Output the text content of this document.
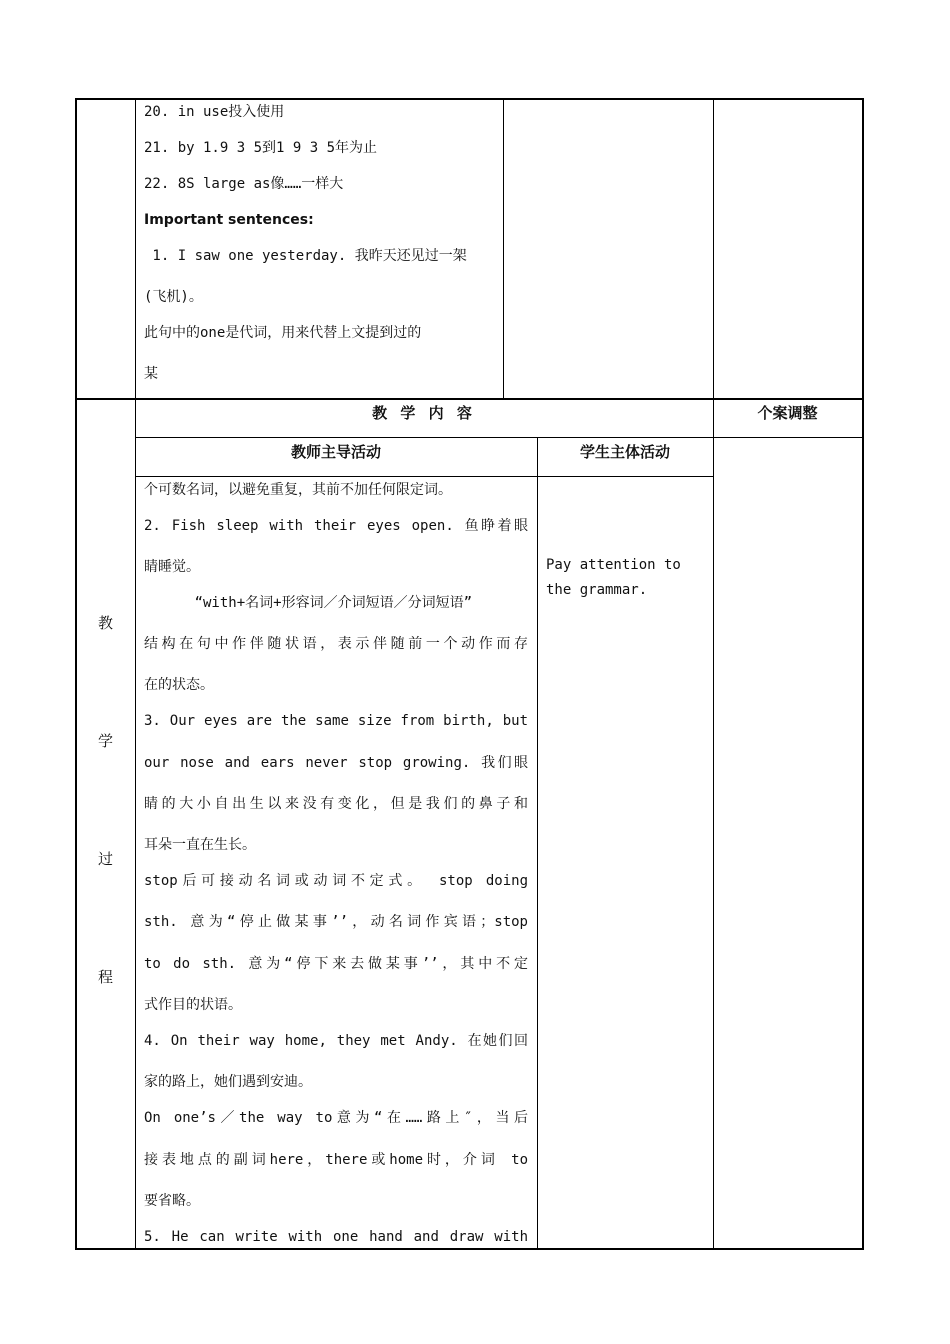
20. in use投入使用
21. by 1.9 3 5到1 9 3 5年为止
22. 8S large as像……一样大
Important sentences:
1. I saw one yesterday. 我昨天还见过一架
(飞机)。
此句中的one是代词，用来代替上文提到过的
某
教 学 内 容	个案调整
教师主导活动	学生主体活动
教
学
过
程
Pay attention to
the grammar.
个可数名词，以避免重复，其前不加任何限定词。
2. Fish sleep with their eyes open. 鱼睁着眼
睛睡觉。
“with+名词+形容词／介词短语／分词短语”
结构在句中作伴随状语，表示伴随前一个动作而存
在的状态。
3. Our eyes are the same size from birth, but
our nose and ears never stop growing. 我们眼
睛的大小自出生以来没有变化，但是我们的鼻子和
耳朵一直在生长。
stop后可接动名词或动词不定式。 stop doing
sth. 意为“停止做某事’’，动名词作宾语；stop
to do sth. 意为“停下来去做某事’’，其中不定
式作目的状语。
4. On their way home, they met Andy. 在她们回
家的路上，她们遇到安迪。
On one’s／the way to意为“在……路上″，当后
接表地点的副词here，there或home时，介词 to
要省略。
5. He can write with one hand and draw with
